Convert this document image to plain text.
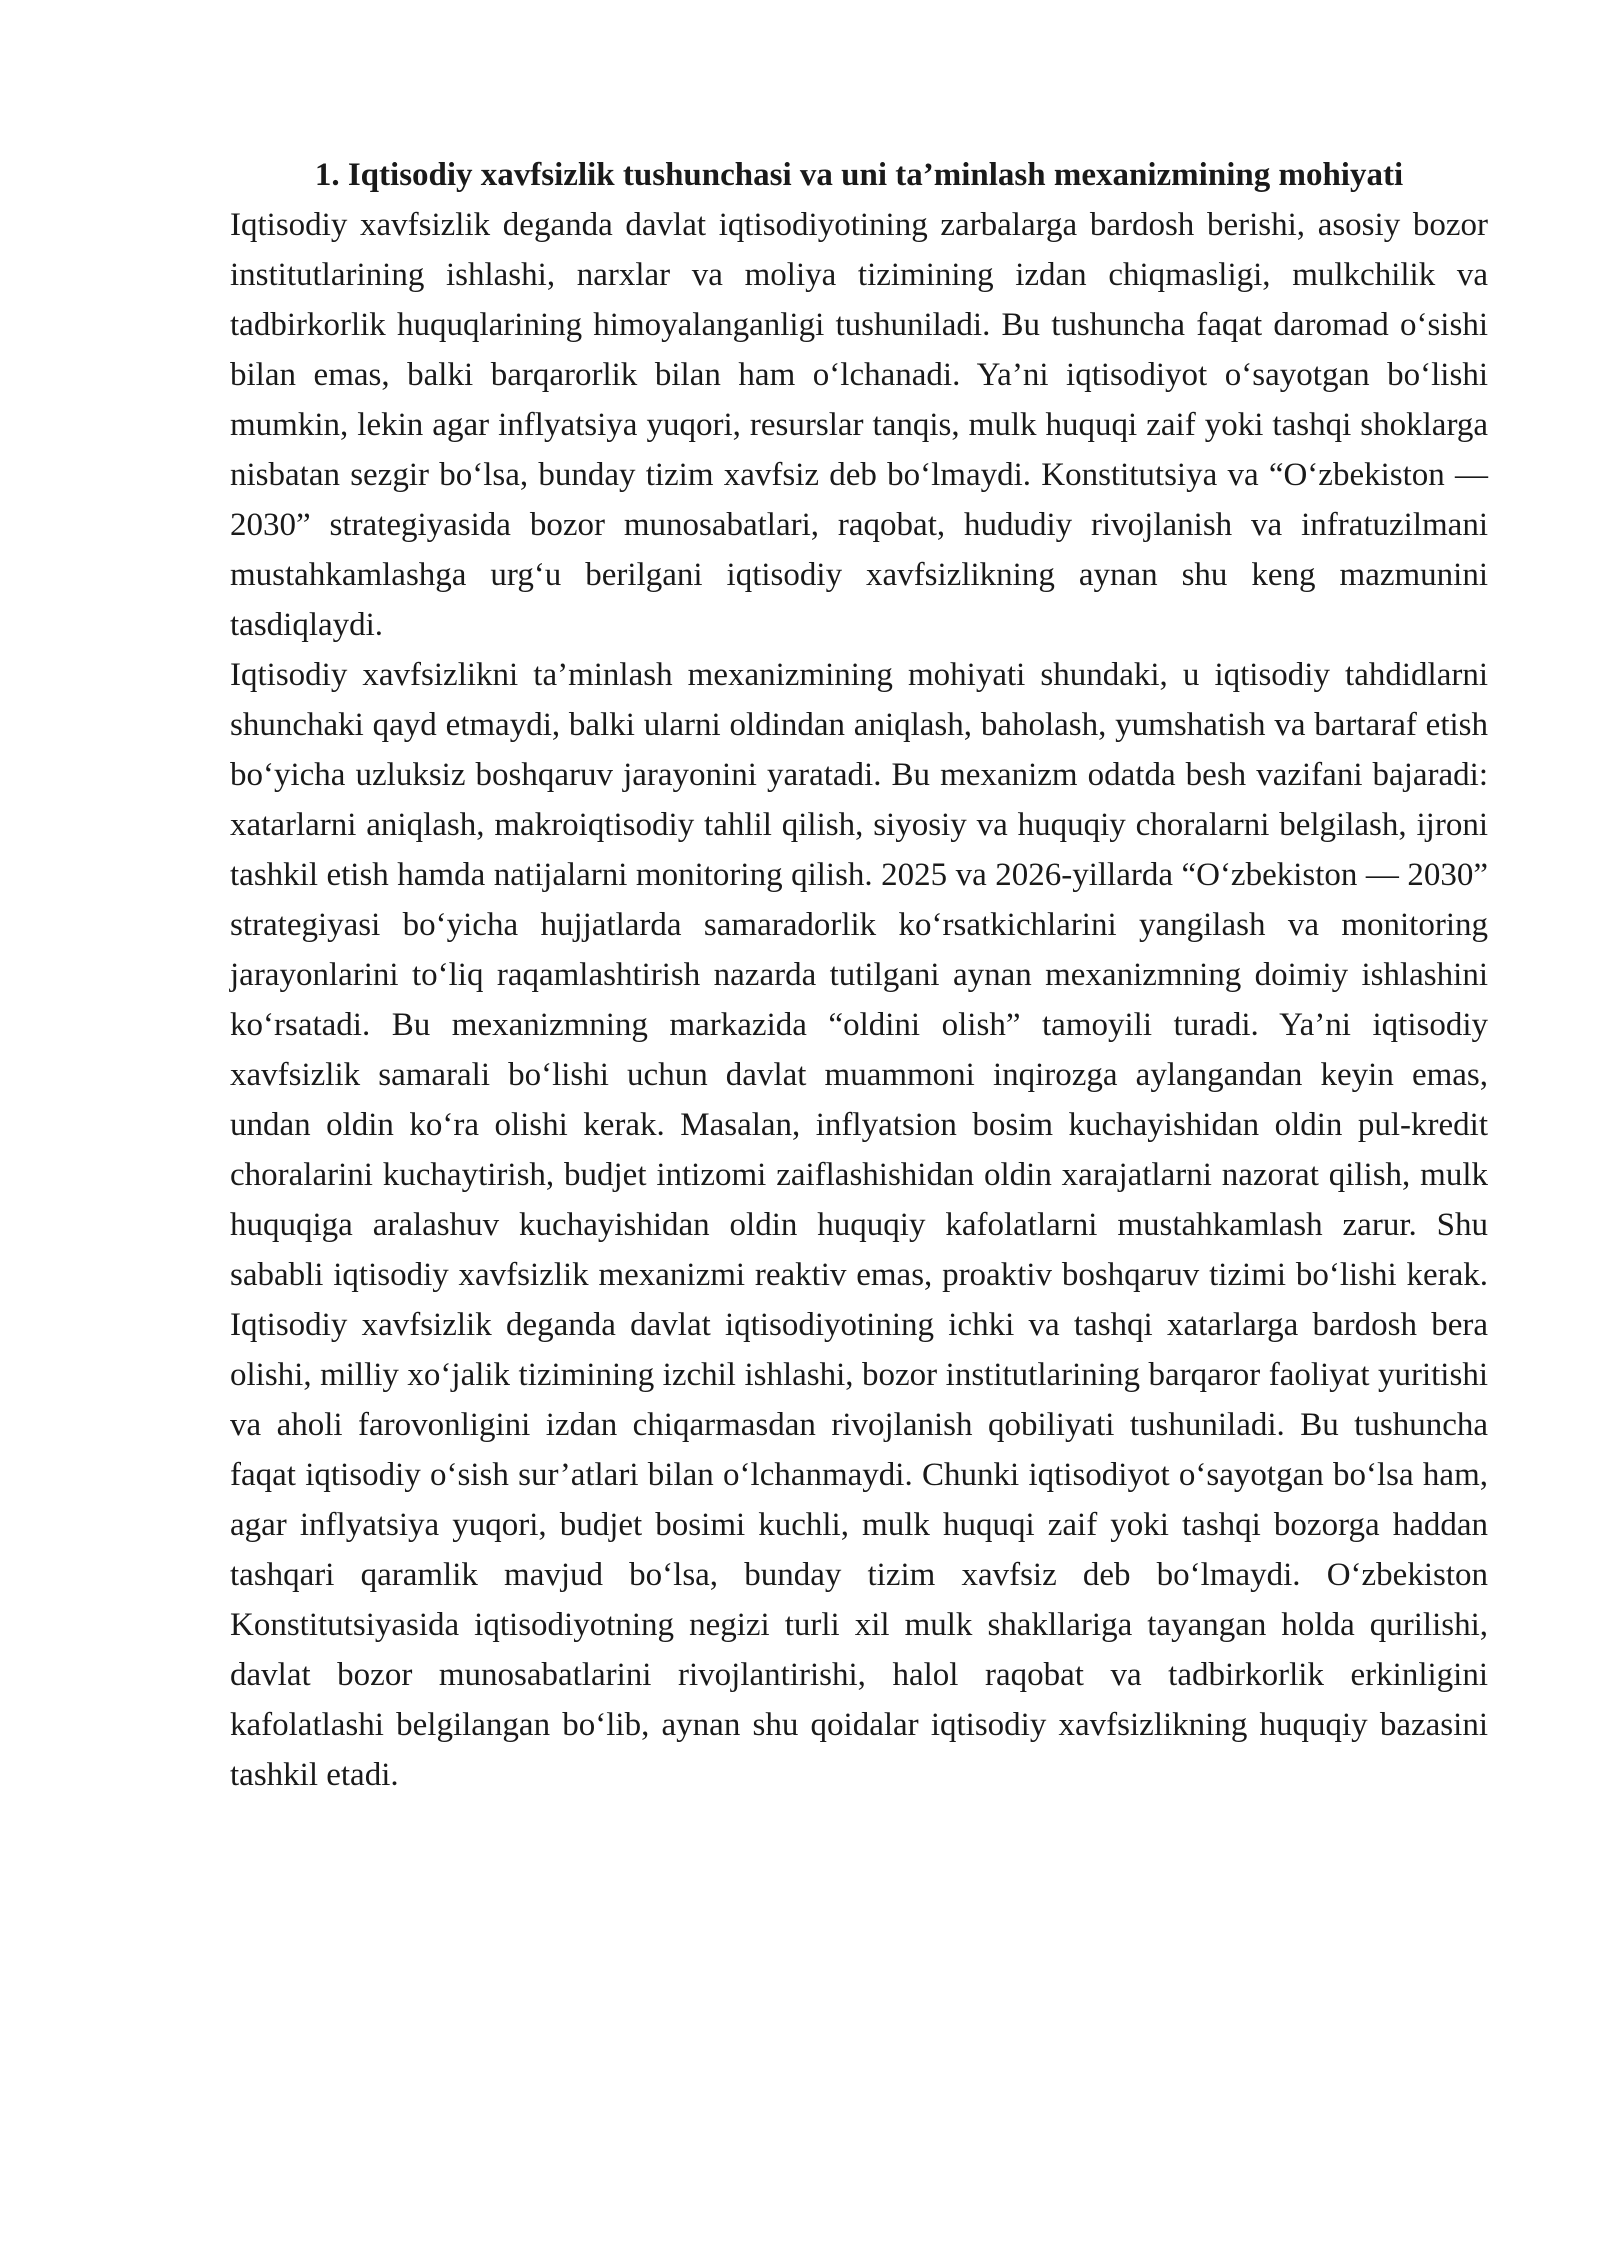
1. Iqtisodiy xavfsizlik tushunchasi va uni ta’minlash mexanizmining mohiyati

Iqtisodiy xavfsizlik deganda davlat iqtisodiyotining zarbalarga bardosh berishi, asosiy bozor institutlarining ishlashi, narxlar va moliya tizimining izdan chiqmasligi, mulkchilik va tadbirkorlik huquqlarining himoyalanganligi tushuniladi. Bu tushuncha faqat daromad o‘sishi bilan emas, balki barqarorlik bilan ham o‘lchanadi. Ya’ni iqtisodiyot o‘sayotgan bo‘lishi mumkin, lekin agar inflyatsiya yuqori, resurslar tanqis, mulk huquqi zaif yoki tashqi shoklarga nisbatan sezgir bo‘lsa, bunday tizim xavfsiz deb bo‘lmaydi. Konstitutsiya va “O‘zbekiston — 2030” strategiyasida bozor munosabatlari, raqobat, hududiy rivojlanish va infratuzilmani mustahkamlashga urg‘u berilgani iqtisodiy xavfsizlikning aynan shu keng mazmunini tasdiqlaydi.

Iqtisodiy xavfsizlikni ta’minlash mexanizmining mohiyati shundaki, u iqtisodiy tahdidlarni shunchaki qayd etmaydi, balki ularni oldindan aniqlash, baholash, yumshatish va bartaraf etish bo‘yicha uzluksiz boshqaruv jarayonini yaratadi. Bu mexanizm odatda besh vazifani bajaradi: xatarlarni aniqlash, makroiqtisodiy tahlil qilish, siyosiy va huquqiy choralarni belgilash, ijroni tashkil etish hamda natijalarni monitoring qilish. 2025 va 2026-yillarda “O‘zbekiston — 2030” strategiyasi bo‘yicha hujjatlarda samaradorlik ko‘rsatkichlarini yangilash va monitoring jarayonlarini to‘liq raqamlashtirish nazarda tutilgani aynan mexanizmning doimiy ishlashini ko‘rsatadi. Bu mexanizmning markazida “oldini olish” tamoyili turadi. Ya’ni iqtisodiy xavfsizlik samarali bo‘lishi uchun davlat muammoni inqirozga aylangandan keyin emas, undan oldin ko‘ra olishi kerak. Masalan, inflyatsion bosim kuchayishidan oldin pul-kredit choralarini kuchaytirish, budjet intizomi zaiflashishidan oldin xarajatlarni nazorat qilish, mulk huquqiga aralashuv kuchayishidan oldin huquqiy kafolatlarni mustahkamlash zarur. Shu sababli iqtisodiy xavfsizlik mexanizmi reaktiv emas, proaktiv boshqaruv tizimi bo‘lishi kerak. Iqtisodiy xavfsizlik deganda davlat iqtisodiyotining ichki va tashqi xatarlarga bardosh bera olishi, milliy xo‘jalik tizimining izchil ishlashi, bozor institutlarining barqaror faoliyat yuritishi va aholi farovonligini izdan chiqarmasdan rivojlanish qobiliyati tushuniladi. Bu tushuncha faqat iqtisodiy o‘sish sur’atlari bilan o‘lchanmaydi. Chunki iqtisodiyot o‘sayotgan bo‘lsa ham, agar inflyatsiya yuqori, budjet bosimi kuchli, mulk huquqi zaif yoki tashqi bozorga haddan tashqari qaramlik mavjud bo‘lsa, bunday tizim xavfsiz deb bo‘lmaydi. O‘zbekiston Konstitutsiyasida iqtisodiyotning negizi turli xil mulk shakllariga tayangan holda qurilishi, davlat bozor munosabatlarini rivojlantirishi, halol raqobat va tadbirkorlik erkinligini kafolatlashi belgilangan bo‘lib, aynan shu qoidalar iqtisodiy xavfsizlikning huquqiy bazasini tashkil etadi.
